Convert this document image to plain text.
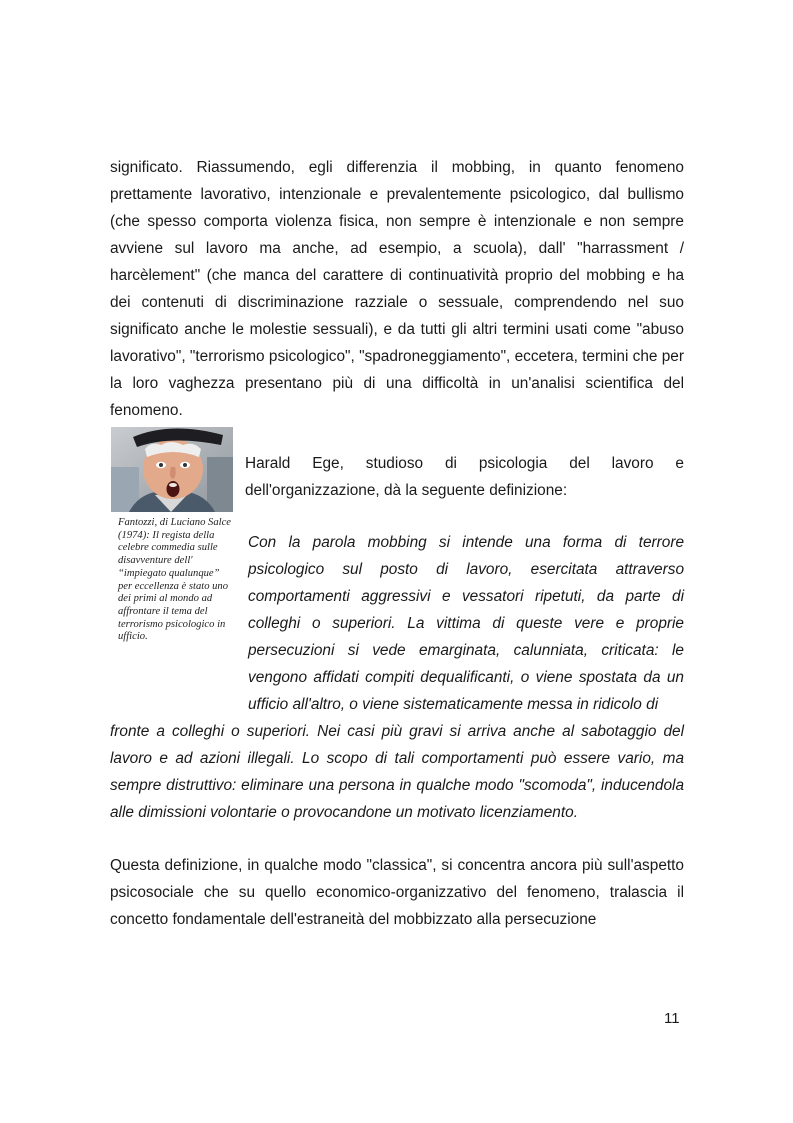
significato. Riassumendo, egli differenzia il mobbing, in quanto fenomeno prettamente lavorativo, intenzionale e prevalentemente psicologico, dal bullismo (che spesso comporta violenza fisica, non sempre è intenzionale e non sempre avviene sul lavoro ma anche, ad esempio, a scuola), dall' "harrassment / harcèlement" (che manca del carattere di continuatività proprio del mobbing e ha dei contenuti di discriminazione razziale o sessuale, comprendendo nel suo significato anche le molestie sessuali), e da tutti gli altri termini usati come "abuso lavorativo", "terrorismo psicologico", "spadroneggiamento", eccetera, termini che per la loro vaghezza presentano più di una difficoltà in un'analisi scientifica del fenomeno.

Fantozzi, di Luciano Salce (1974): Il regista della celebre commedia sulle disavventure dell' “impiegato qualunque” per eccellenza è stato uno dei primi al mondo ad affrontare il tema del terrorismo psicologico in ufficio.

Harald Ege, studioso di psicologia del lavoro e dell'organizzazione, dà la seguente definizione:

Con la parola mobbing si intende una forma di terrore psicologico sul posto di lavoro, esercitata attraverso comportamenti aggressivi e vessatori ripetuti, da parte di colleghi o superiori. La vittima di queste vere e proprie persecuzioni si vede emarginata, calunniata, criticata: le vengono affidati compiti dequalificanti, o viene spostata da un ufficio all'altro, o viene sistematicamente messa in ridicolo di

fronte a colleghi o superiori. Nei casi più gravi si arriva anche al sabotaggio del lavoro e ad azioni illegali. Lo scopo di tali comportamenti può essere vario, ma sempre distruttivo: eliminare una persona in qualche modo "scomoda", inducendola alle dimissioni volontarie o provocandone un motivato licenziamento.

Questa definizione, in qualche modo "classica", si concentra ancora più sull'aspetto psicosociale che su quello economico-organizzativo del fenomeno, tralascia il concetto fondamentale dell'estraneità del mobbizzato alla persecuzione

11
